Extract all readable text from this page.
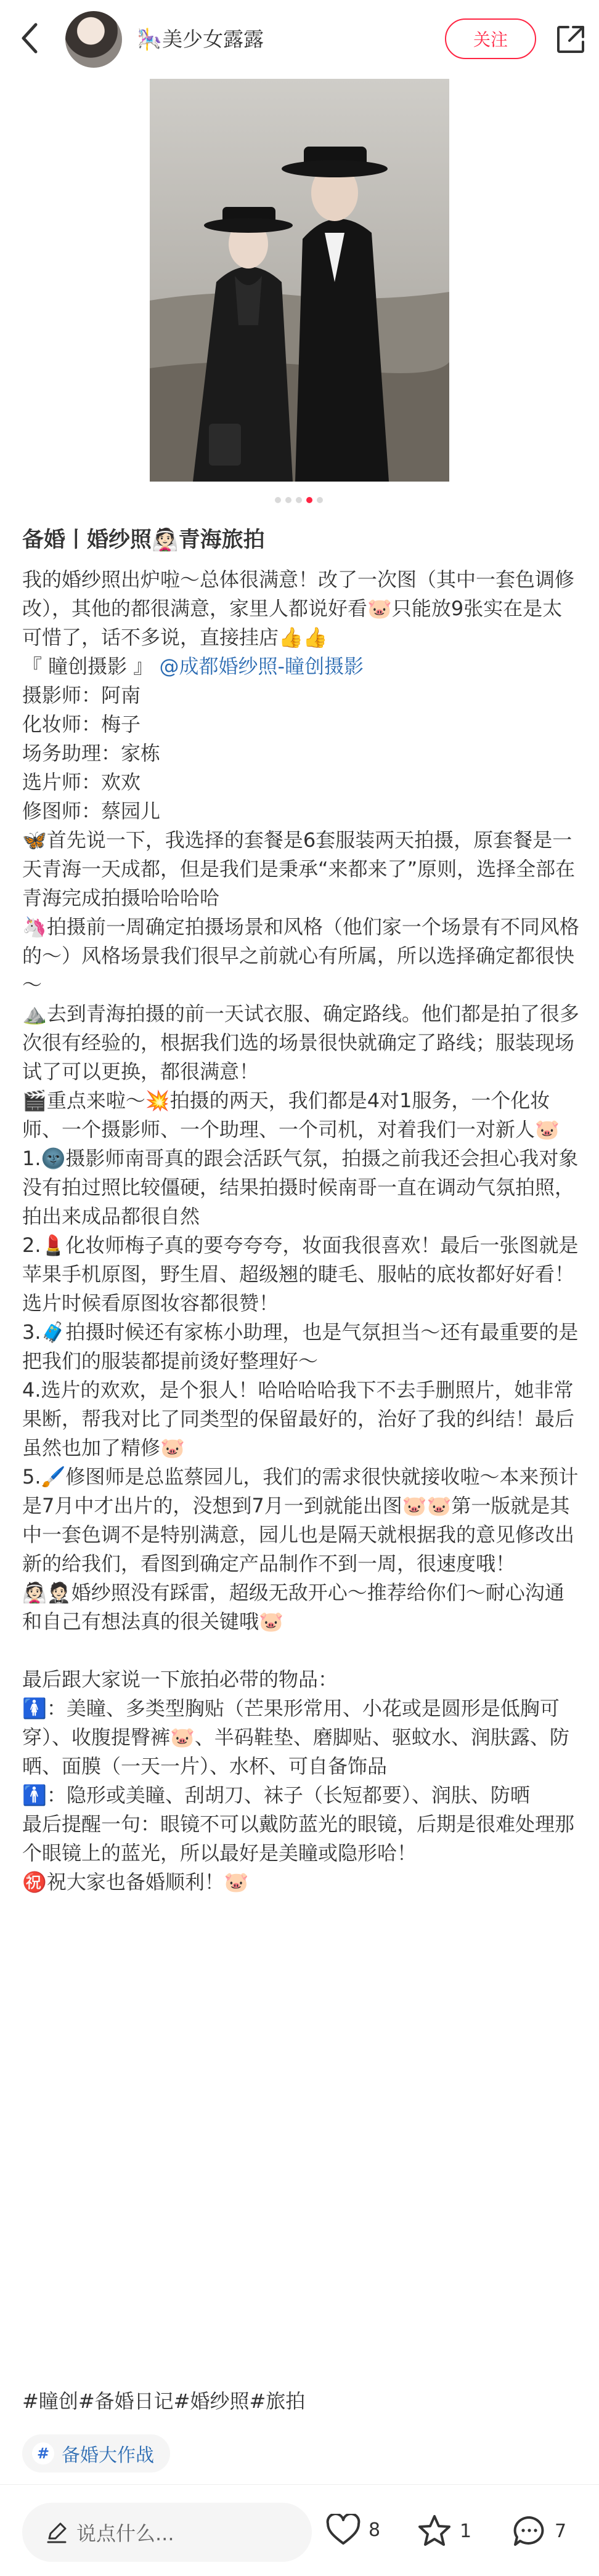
🎠美少女露露	关注
备婚丨婚纱照👰🏻青海旅拍

我的婚纱照出炉啦～总体很满意！改了一次图（其中一套色调修改），其他的都很满意，家里人都说好看🐷只能放9张实在是太可惜了，话不多说，直接挂店👍👍

『 瞳创摄影 』 @成都婚纱照-瞳创摄影

摄影师：阿南

化妆师：梅子

场务助理：家栋

选片师：欢欢

修图师：蔡园儿

🦋首先说一下，我选择的套餐是6套服装两天拍摄，原套餐是一天青海一天成都，但是我们是秉承“来都来了”原则，选择全部在青海完成拍摄哈哈哈哈

🦄拍摄前一周确定拍摄场景和风格（他们家一个场景有不同风格的～）风格场景我们很早之前就心有所属，所以选择确定都很快～

⛰️去到青海拍摄的前一天试衣服、确定路线。他们都是拍了很多次很有经验的，根据我们选的场景很快就确定了路线；服装现场试了可以更换，都很满意！

🎬重点来啦～💥拍摄的两天，我们都是4对1服务，一个化妆师、一个摄影师、一个助理、一个司机，对着我们一对新人🐷

1.🌚摄影师南哥真的跟会活跃气氛，拍摄之前我还会担心我对象没有拍过照比较僵硬，结果拍摄时候南哥一直在调动气氛拍照，拍出来成品都很自然

2.💄化妆师梅子真的要夸夸夸，妆面我很喜欢！最后一张图就是苹果手机原图，野生眉、超级翘的睫毛、服帖的底妆都好好看！选片时候看原图妆容都很赞！

3.🧳拍摄时候还有家栋小助理，也是气氛担当～还有最重要的是把我们的服装都提前烫好整理好～

4.选片的欢欢，是个狠人！哈哈哈哈我下不去手删照片，她非常果断，帮我对比了同类型的保留最好的，治好了我的纠结！最后虽然也加了精修🐷

5.🖌️修图师是总监蔡园儿，我们的需求很快就接收啦～本来预计是7月中才出片的，没想到7月一到就能出图🐷🐷第一版就是其中一套色调不是特别满意，园儿也是隔天就根据我的意见修改出新的给我们，看图到确定产品制作不到一周，很速度哦！

👰🏻🤵🏻婚纱照没有踩雷，超级无敌开心～推荐给你们～耐心沟通和自己有想法真的很关键哦🐷

最后跟大家说一下旅拍必带的物品：

🚺：美瞳、多类型胸贴（芒果形常用、小花或是圆形是低胸可穿）、收腹提臀裤🐷、半码鞋垫、磨脚贴、驱蚊水、润肤露、防晒、面膜（一天一片）、水杯、可自备饰品

🚹：隐形或美瞳、刮胡刀、袜子（长短都要）、润肤、防晒

最后提醒一句：眼镜不可以戴防蓝光的眼镜，后期是很难处理那个眼镜上的蓝光，所以最好是美瞳或隐形哈！

㊗️祝大家也备婚顺利！🐷

#瞳创#备婚日记#婚纱照#旅拍
# 备婚大作战
说点什么...	8	1	7
